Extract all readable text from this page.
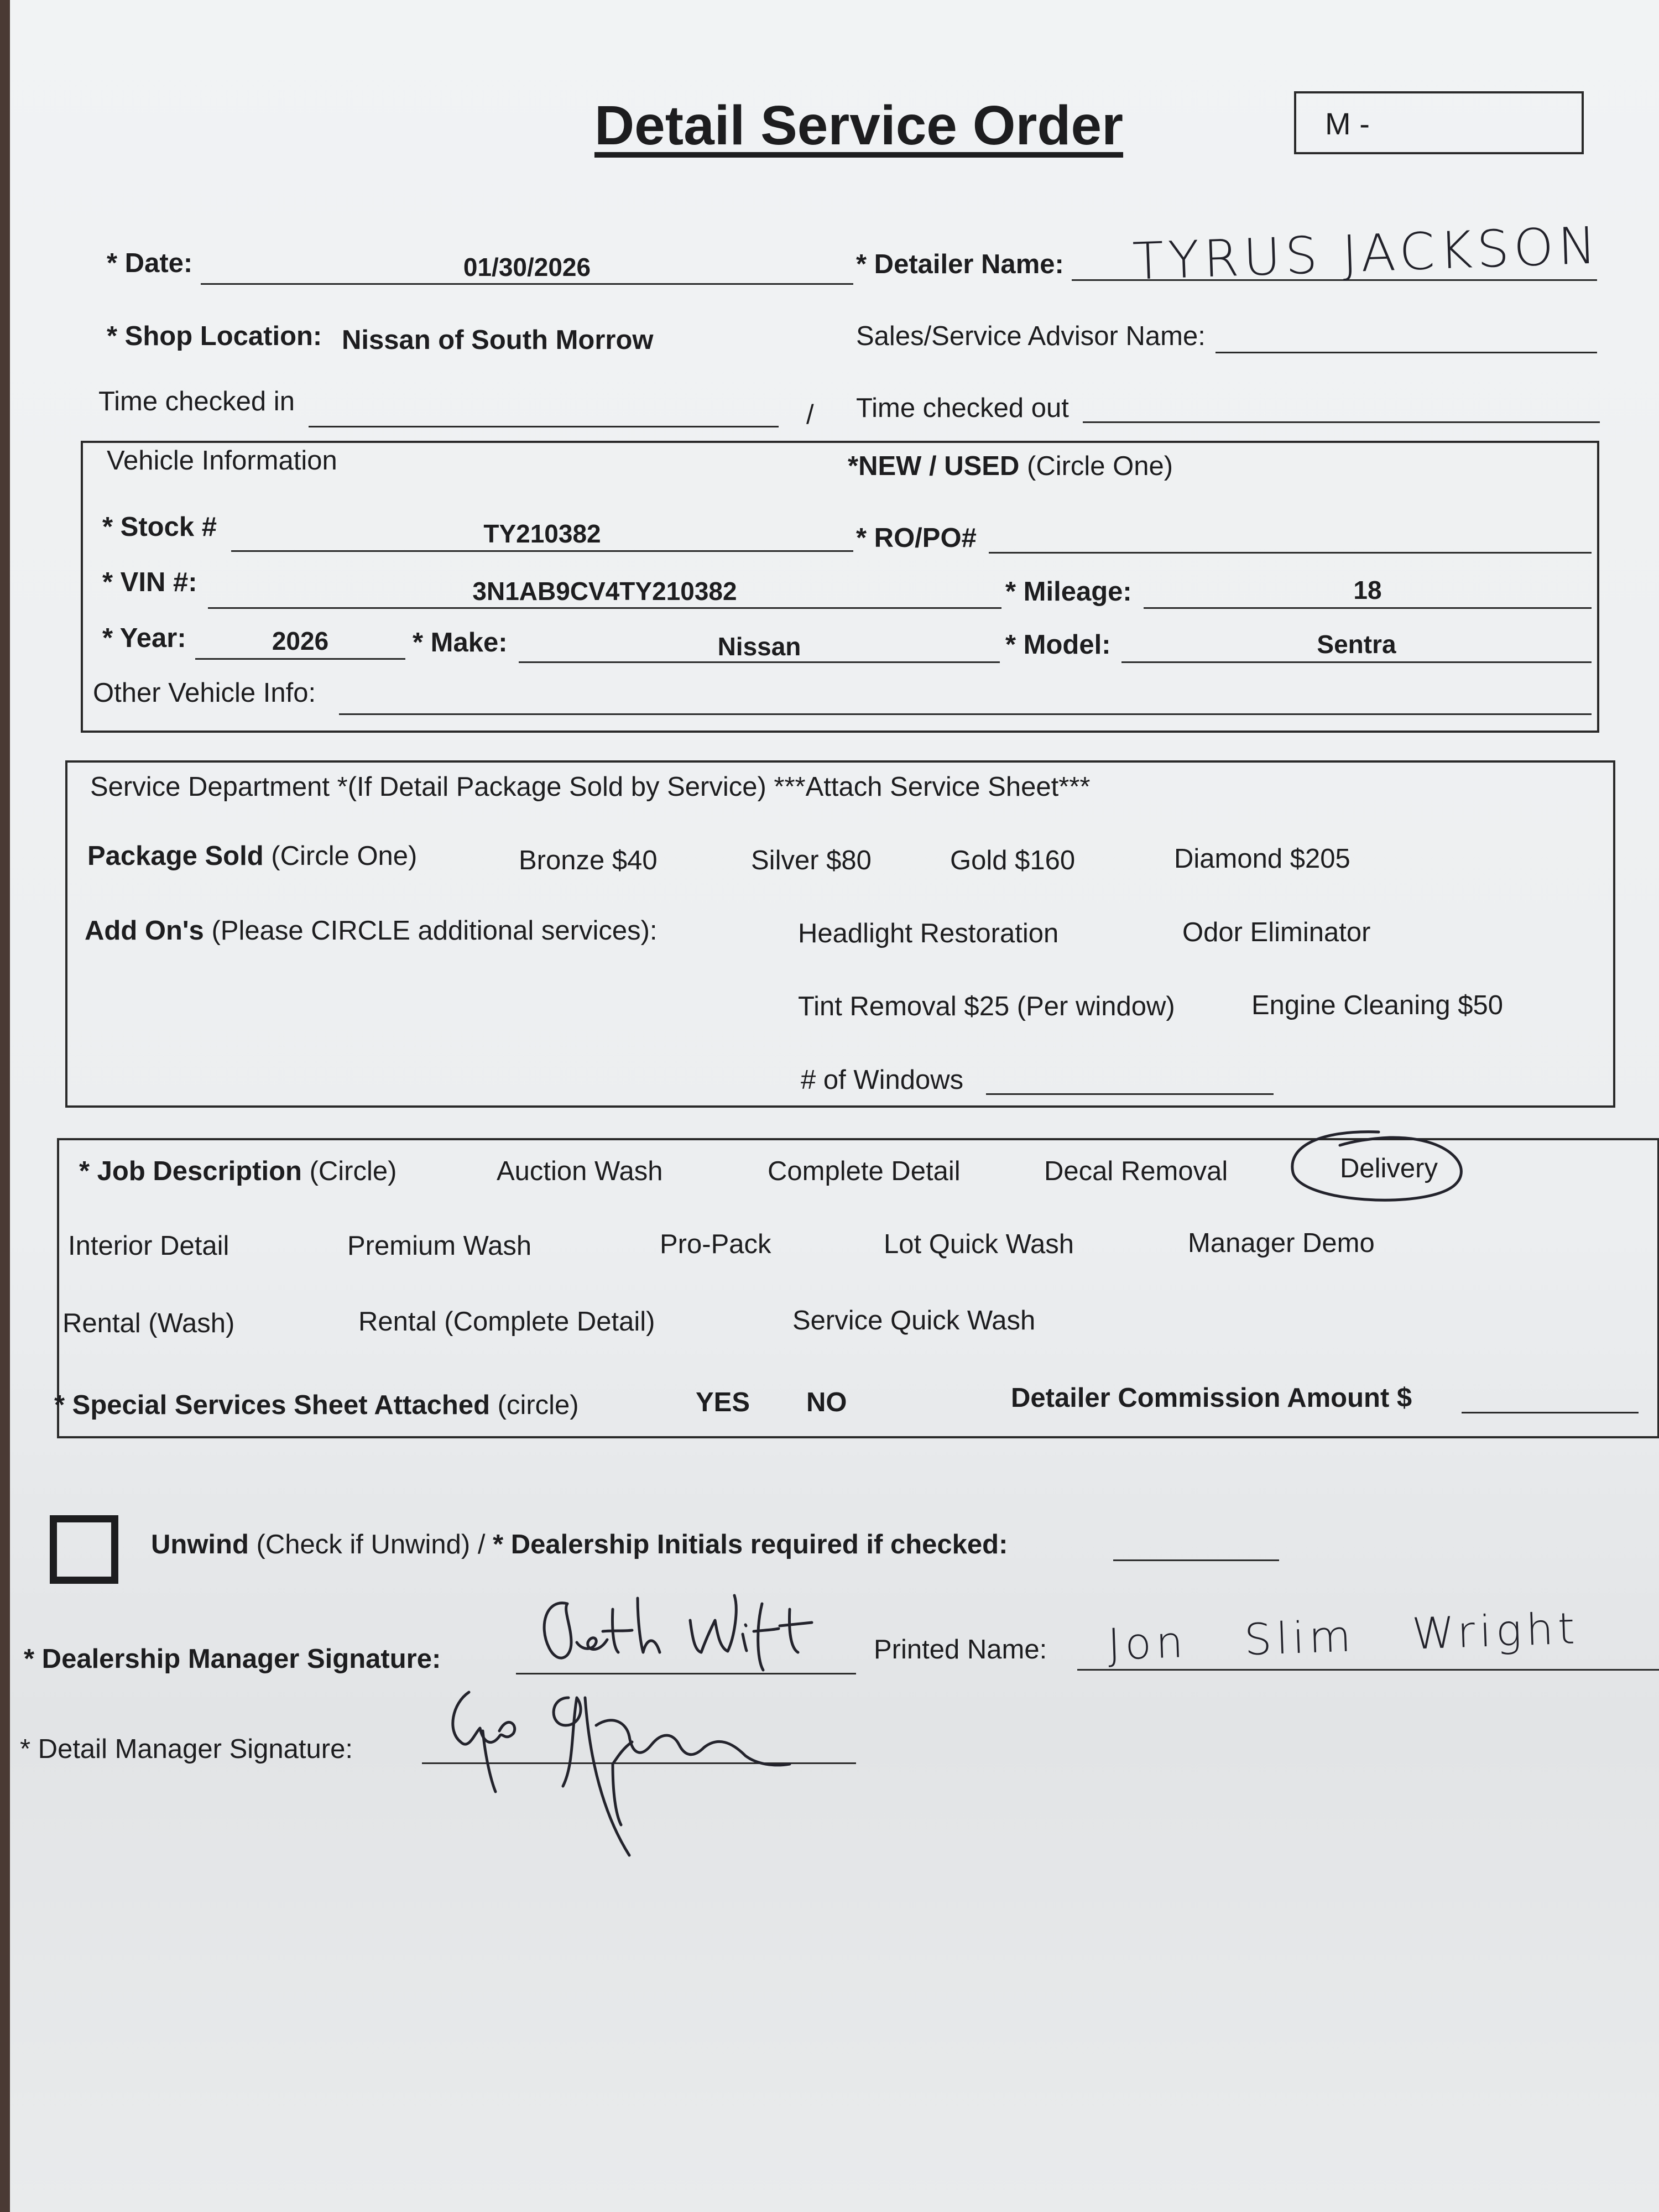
Detail Service Order	M -
* Date:	01/30/2026	* Detailer Name: TYRUS JACKSON
* Shop Location: Nissan of South Morrow	Sales/Service Advisor Name:
Time checked in	/ Time checked out
Vehicle Information	*NEW / USED (Circle One)
* Stock #	TY210382	* RO/PO#
* VIN #:	3N1AB9CV4TY210382	* Mileage:	18
* Year:	2026	* Make:	Nissan	* Model:	Sentra
Other Vehicle Info:
Service Department *(If Detail Package Sold by Service) ***Attach Service Sheet***
Package Sold (Circle One)	Bronze $40	Silver $80	Gold $160	Diamond $205
Add On's (Please CIRCLE additional services):	Headlight Restoration	Odor Eliminator
Tint Removal $25 (Per window)	Engine Cleaning $50
# of Windows
* Job Description (Circle)	Auction Wash	Complete Detail	Decal Removal	Delivery
Interior Detail	Premium Wash	Pro-Pack	Lot Quick Wash	Manager Demo
Rental (Wash)	Rental (Complete Detail)	Service Quick Wash
* Special Services Sheet Attached (circle)	YES NO	Detailer Commission Amount $
Unwind (Check if Unwind) / * Dealership Initials required if checked:
* Dealership Manager Signature:	Printed Name: Jon Slim Wright
* Detail Manager Signature:
